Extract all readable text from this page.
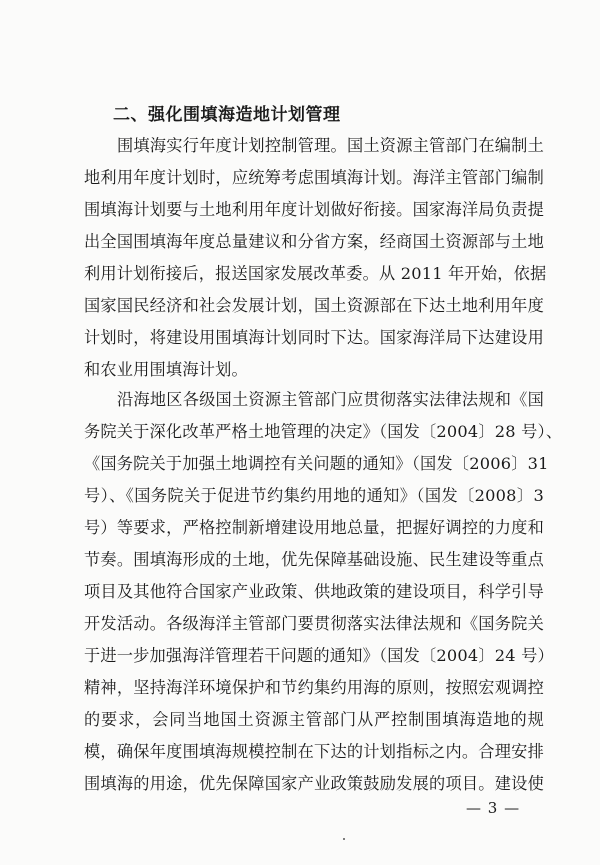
二、强化围填海造地计划管理
围填海实行年度计划控制管理。国土资源主管部门在编制土
地利用年度计划时，应统筹考虑围填海计划。海洋主管部门编制
围填海计划要与土地利用年度计划做好衔接。国家海洋局负责提
出全国围填海年度总量建议和分省方案，经商国土资源部与土地
利用计划衔接后，报送国家发展改革委。从 2011 年开始，依据
国家国民经济和社会发展计划，国土资源部在下达土地利用年度
计划时，将建设用围填海计划同时下达。国家海洋局下达建设用
和农业用围填海计划。
沿海地区各级国土资源主管部门应贯彻落实法律法规和《国
务院关于深化改革严格土地管理的决定》（国发〔2004〕28 号）、
《国务院关于加强土地调控有关问题的通知》（国发〔2006〕31
号）、《国务院关于促进节约集约用地的通知》（国发〔2008〕3
号）等要求，严格控制新增建设用地总量，把握好调控的力度和
节奏。围填海形成的土地，优先保障基础设施、民生建设等重点
项目及其他符合国家产业政策、供地政策的建设项目，科学引导
开发活动。各级海洋主管部门要贯彻落实法律法规和《国务院关
于进一步加强海洋管理若干问题的通知》（国发〔2004〕24 号）
精神，坚持海洋环境保护和节约集约用海的原则，按照宏观调控
的要求，会同当地国土资源主管部门从严控制围填海造地的规
模，确保年度围填海规模控制在下达的计划指标之内。合理安排
围填海的用途，优先保障国家产业政策鼓励发展的项目。建设使
— 3 —
